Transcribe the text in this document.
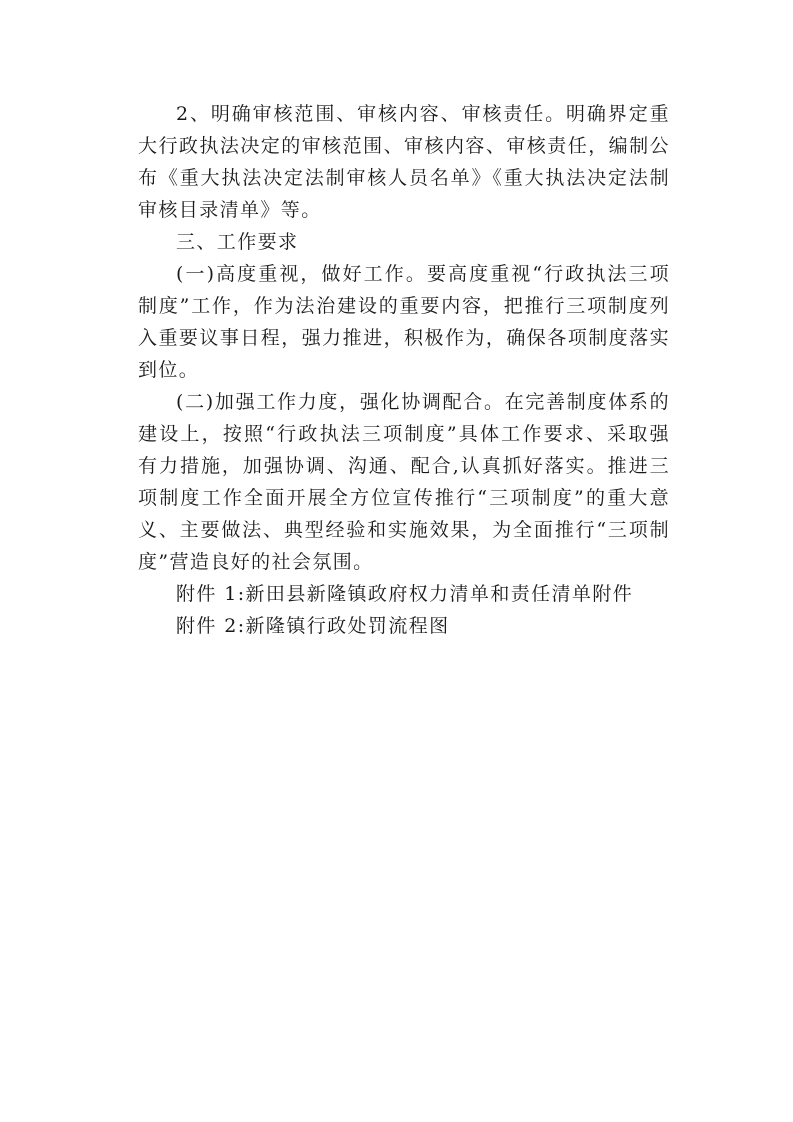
2、明确审核范围、审核内容、审核责任。明确界定重大行政执法决定的审核范围、审核内容、审核责任，编制公布《重大执法决定法制审核人员名单》《重大执法决定法制审核目录清单》等。

三、工作要求

(一)高度重视，做好工作。要高度重视“行政执法三项制度”工作，作为法治建设的重要内容，把推行三项制度列入重要议事日程，强力推进，积极作为，确保各项制度落实到位。

(二)加强工作力度，强化协调配合。在完善制度体系的建设上，按照“行政执法三项制度”具体工作要求、采取强有力措施，加强协调、沟通、配合,认真抓好落实。推进三项制度工作全面开展全方位宣传推行“三项制度”的重大意义、主要做法、典型经验和实施效果，为全面推行“三项制度”营造良好的社会氛围。

附件 1:新田县新隆镇政府权力清单和责任清单附件

附件 2:新隆镇行政处罚流程图
